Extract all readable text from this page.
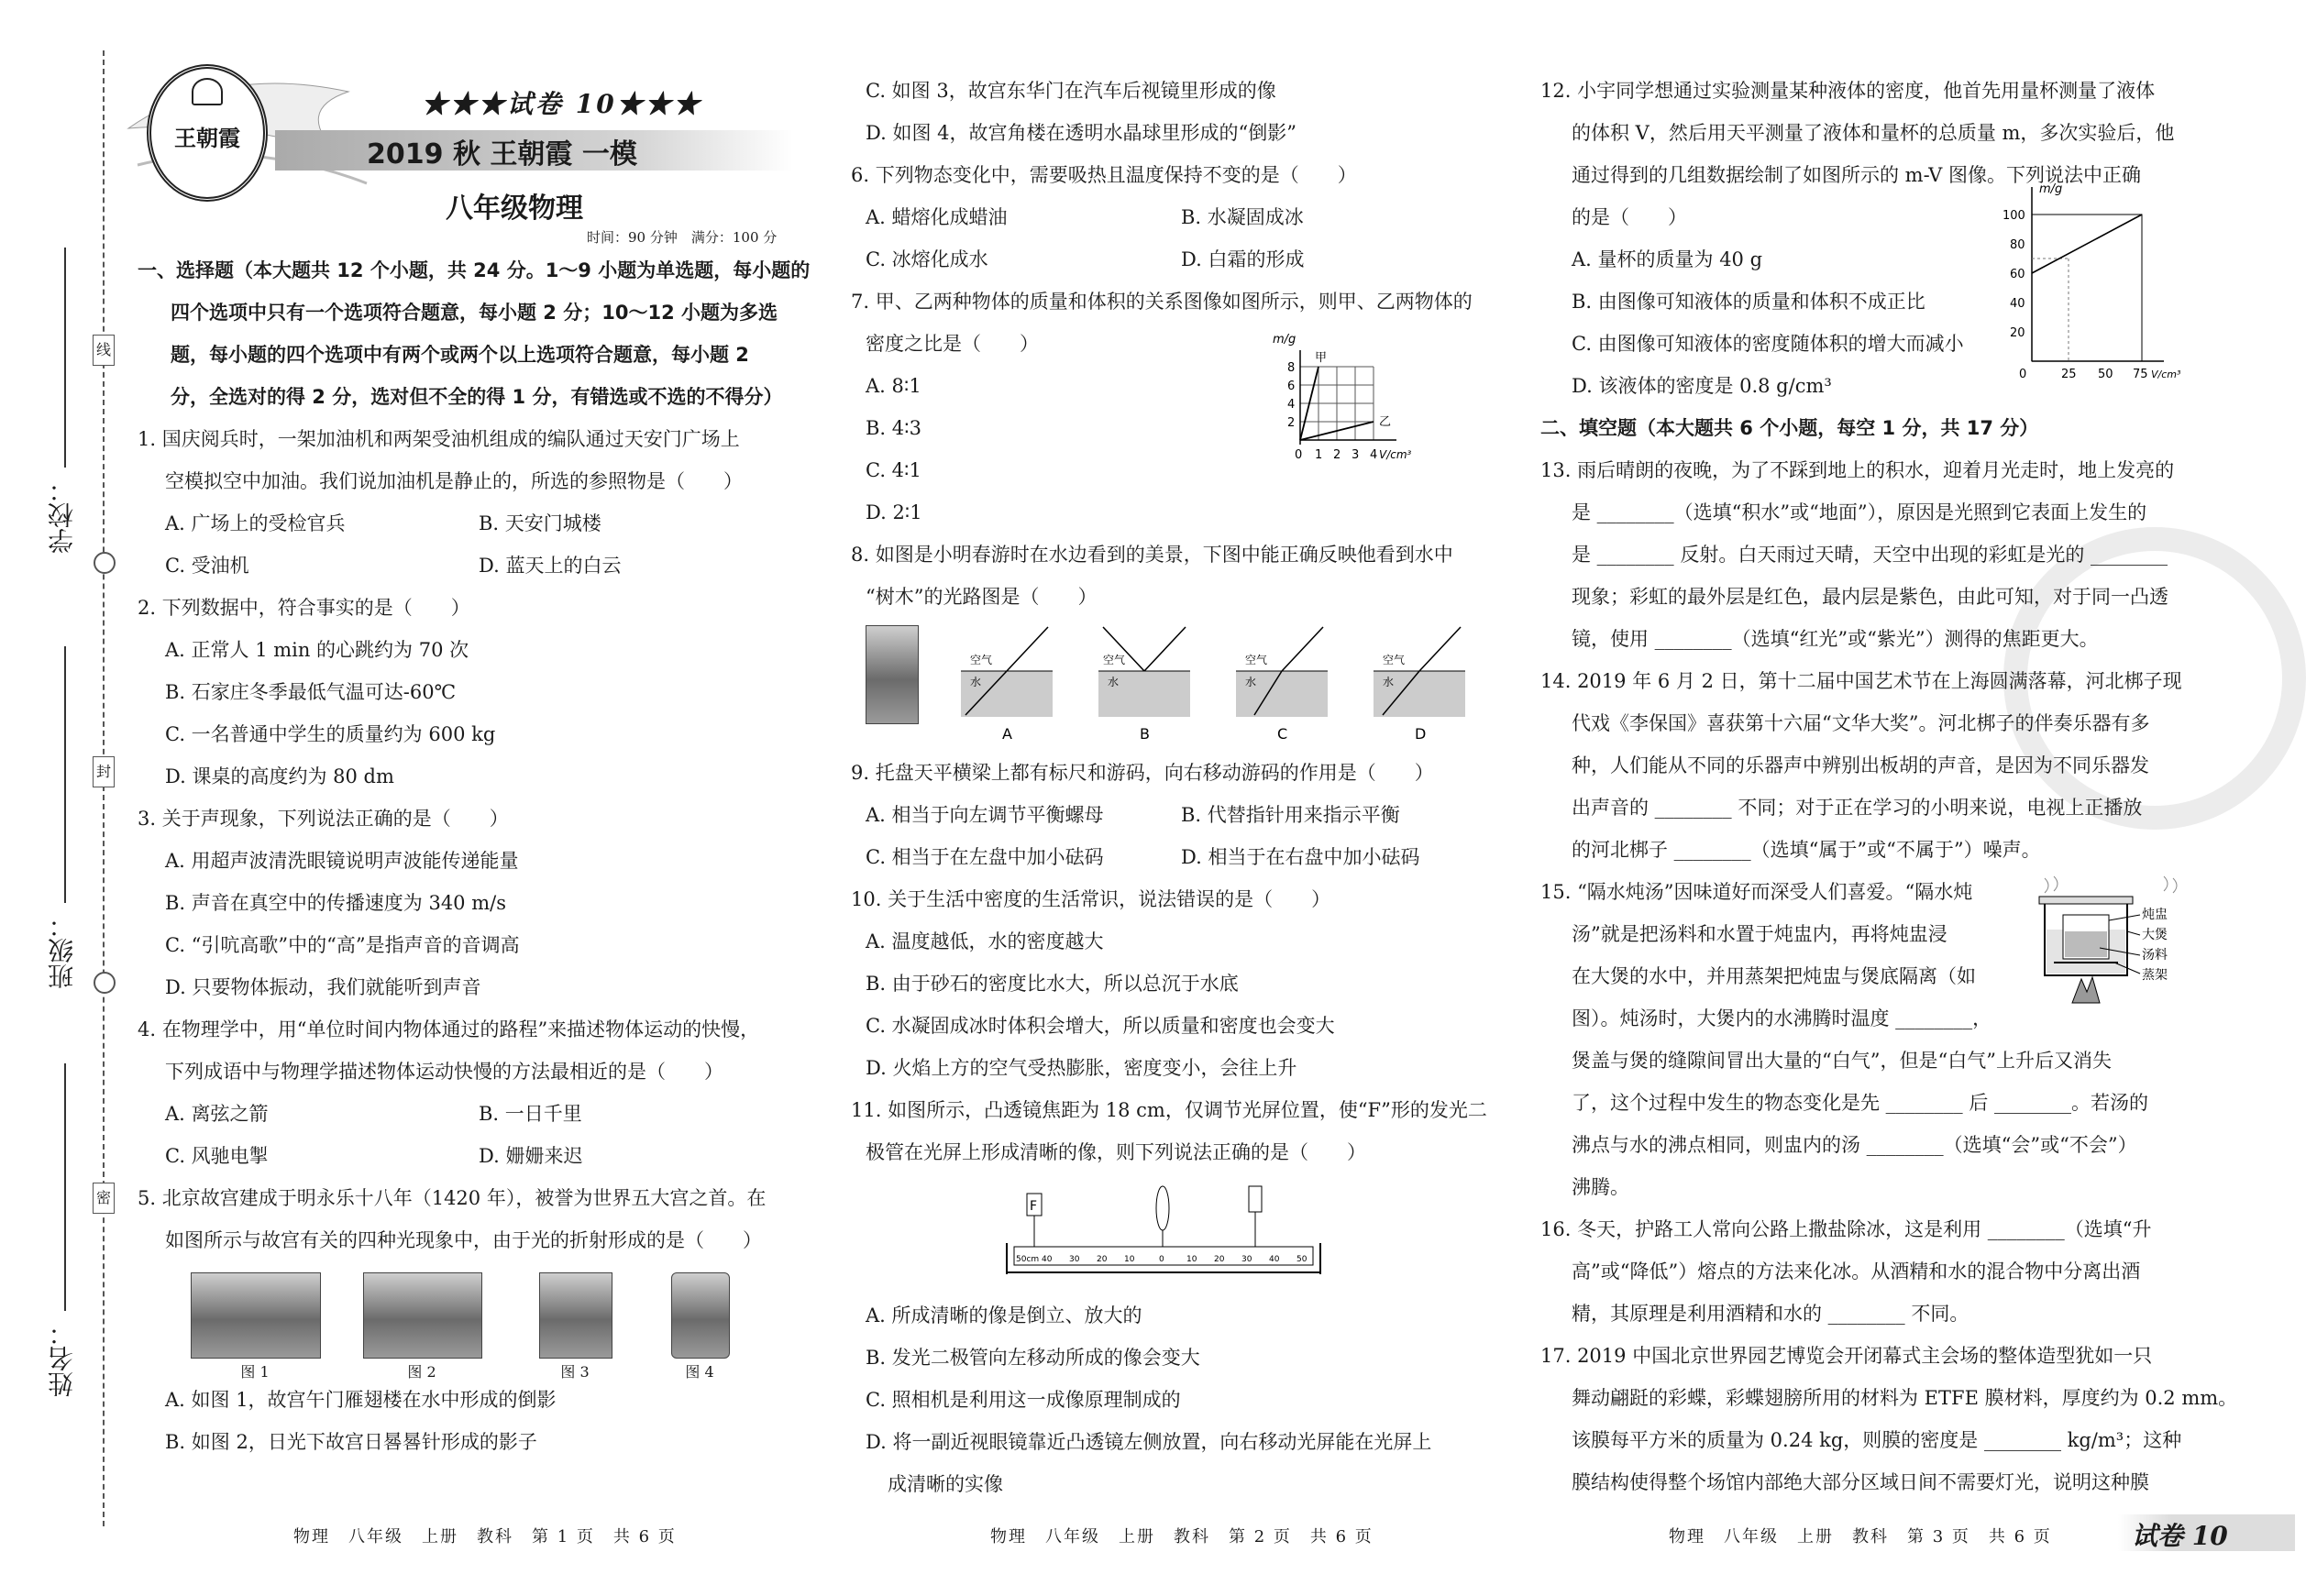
线
封
密
学校：
班级：
姓名：
王朝霞
★★★试卷 10★★★
2019 秋 王朝霞 一模
八年级物理
时间：90 分钟　满分：100 分
一、选择题（本大题共 12 个小题，共 24 分。1～9 小题为单选题，每小题的
四个选项中只有一个选项符合题意，每小题 2 分；10～12 小题为多选
题，每小题的四个选项中有两个或两个以上选项符合题意，每小题 2
分，全选对的得 2 分，选对但不全的得 1 分，有错选或不选的不得分）
1. 国庆阅兵时，一架加油机和两架受油机组成的编队通过天安门广场上
空模拟空中加油。我们说加油机是静止的，所选的参照物是（　　）
A. 广场上的受检官兵	B. 天安门城楼
C. 受油机	D. 蓝天上的白云
2. 下列数据中，符合事实的是（　　）
A. 正常人 1 min 的心跳约为 70 次
B. 石家庄冬季最低气温可达-60℃
C. 一名普通中学生的质量约为 600 kg
D. 课桌的高度约为 80 dm
3. 关于声现象，下列说法正确的是（　　）
A. 用超声波清洗眼镜说明声波能传递能量
B. 声音在真空中的传播速度为 340 m/s
C. “引吭高歌”中的“高”是指声音的音调高
D. 只要物体振动，我们就能听到声音
4. 在物理学中，用“单位时间内物体通过的路程”来描述物体运动的快慢，
下列成语中与物理学描述物体运动快慢的方法最相近的是（　　）
A. 离弦之箭	B. 一日千里
C. 风驰电掣	D. 姗姗来迟
5. 北京故宫建成于明永乐十八年（1420 年），被誉为世界五大宫之首。在
如图所示与故宫有关的四种光现象中，由于光的折射形成的是（　　）
图 1	图 2	图 3	图 4
A. 如图 1，故宫午门雁翅楼在水中形成的倒影
B. 如图 2，日光下故宫日晷晷针形成的影子
C. 如图 3，故宫东华门在汽车后视镜里形成的像
D. 如图 4，故宫角楼在透明水晶球里形成的“倒影”
6. 下列物态变化中，需要吸热且温度保持不变的是（　　）
A. 蜡熔化成蜡油	B. 水凝固成冰
C. 冰熔化成水	D. 白霜的形成
7. 甲、乙两种物体的质量和体积的关系图像如图所示，则甲、乙两物体的
密度之比是（　　）
A. 8∶1
B. 4∶3
C. 4∶1
D. 2∶1
m/g
甲
乙
8
6
4
2
0 1 2 3 4 V/cm³
8. 如图是小明春游时在水边看到的美景，下图中能正确反映他看到水中
“树木”的光路图是（　　）
空气
水
A
空气
水
B
空气
水
C
空气
水
D
9. 托盘天平横梁上都有标尺和游码，向右移动游码的作用是（　　）
A. 相当于向左调节平衡螺母	B. 代替指针用来指示平衡
C. 相当于在左盘中加小砝码	D. 相当于在右盘中加小砝码
10. 关于生活中密度的生活常识，说法错误的是（　　）
A. 温度越低，水的密度越大
B. 由于砂石的密度比水大，所以总沉于水底
C. 水凝固成冰时体积会增大，所以质量和密度也会变大
D. 火焰上方的空气受热膨胀，密度变小，会往上升
11. 如图所示，凸透镜焦距为 18 cm，仅调节光屏位置，使“F”形的发光二
极管在光屏上形成清晰的像，则下列说法正确的是（　　）
F
50cm 40 30 20 10	0	10 20 30 40 50
A. 所成清晰的像是倒立、放大的
B. 发光二极管向左移动所成的像会变大
C. 照相机是利用这一成像原理制成的
D. 将一副近视眼镜靠近凸透镜左侧放置，向右移动光屏能在光屏上
成清晰的实像
12. 小宇同学想通过实验测量某种液体的密度，他首先用量杯测量了液体
的体积 V，然后用天平测量了液体和量杯的总质量 m，多次实验后，他
通过得到的几组数据绘制了如图所示的 m-V 图像。下列说法中正确
的是（　　）
A. 量杯的质量为 40 g
B. 由图像可知液体的质量和体积不成正比
C. 由图像可知液体的密度随体积的增大而减小
D. 该液体的密度是 0.8 g/cm³
m/g
100
80
60
40
20
0	25 50 75 V/cm³
二、填空题（本大题共 6 个小题，每空 1 分，共 17 分）
13. 雨后晴朗的夜晚，为了不踩到地上的积水，迎着月光走时，地上发亮的
是 ________（选填“积水”或“地面”），原因是光照到它表面上发生的
是 ________ 反射。白天雨过天晴，天空中出现的彩虹是光的 ________
现象；彩虹的最外层是红色，最内层是紫色，由此可知，对于同一凸透
镜，使用 ________（选填“红光”或“紫光”）测得的焦距更大。
14. 2019 年 6 月 2 日，第十二届中国艺术节在上海圆满落幕，河北梆子现
代戏《李保国》喜获第十六届“文华大奖”。河北梆子的伴奏乐器有多
种，人们能从不同的乐器声中辨别出板胡的声音，是因为不同乐器发
出声音的 ________ 不同；对于正在学习的小明来说，电视上正播放
的河北梆子 ________（选填“属于”或“不属于”）噪声。
15. “隔水炖汤”因味道好而深受人们喜爱。“隔水炖
汤”就是把汤料和水置于炖盅内，再将炖盅浸
在大煲的水中，并用蒸架把炖盅与煲底隔离（如
图）。炖汤时，大煲内的水沸腾时温度 ________，
炖盅
大煲
汤料
蒸架
煲盖与煲的缝隙间冒出大量的“白气”，但是“白气”上升后又消失
了，这个过程中发生的物态变化是先 ________ 后 ________。若汤的
沸点与水的沸点相同，则盅内的汤 ________（选填“会”或“不会”）
沸腾。
16. 冬天，护路工人常向公路上撒盐除冰，这是利用 ________（选填“升
高”或“降低”）熔点的方法来化冰。从酒精和水的混合物中分离出酒
精，其原理是利用酒精和水的 ________ 不同。
17. 2019 中国北京世界园艺博览会开闭幕式主会场的整体造型犹如一只
舞动翩跹的彩蝶，彩蝶翅膀所用的材料为 ETFE 膜材料，厚度约为 0.2 mm。
该膜每平方米的质量为 0.24 kg，则膜的密度是 ________ kg/m³；这种
膜结构使得整个场馆内部绝大部分区域日间不需要灯光，说明这种膜
物理　八年级　上册　教科　第 1 页　共 6 页	物理　八年级　上册　教科　第 2 页　共 6 页	物理　八年级　上册　教科　第 3 页　共 6 页	试卷 10
